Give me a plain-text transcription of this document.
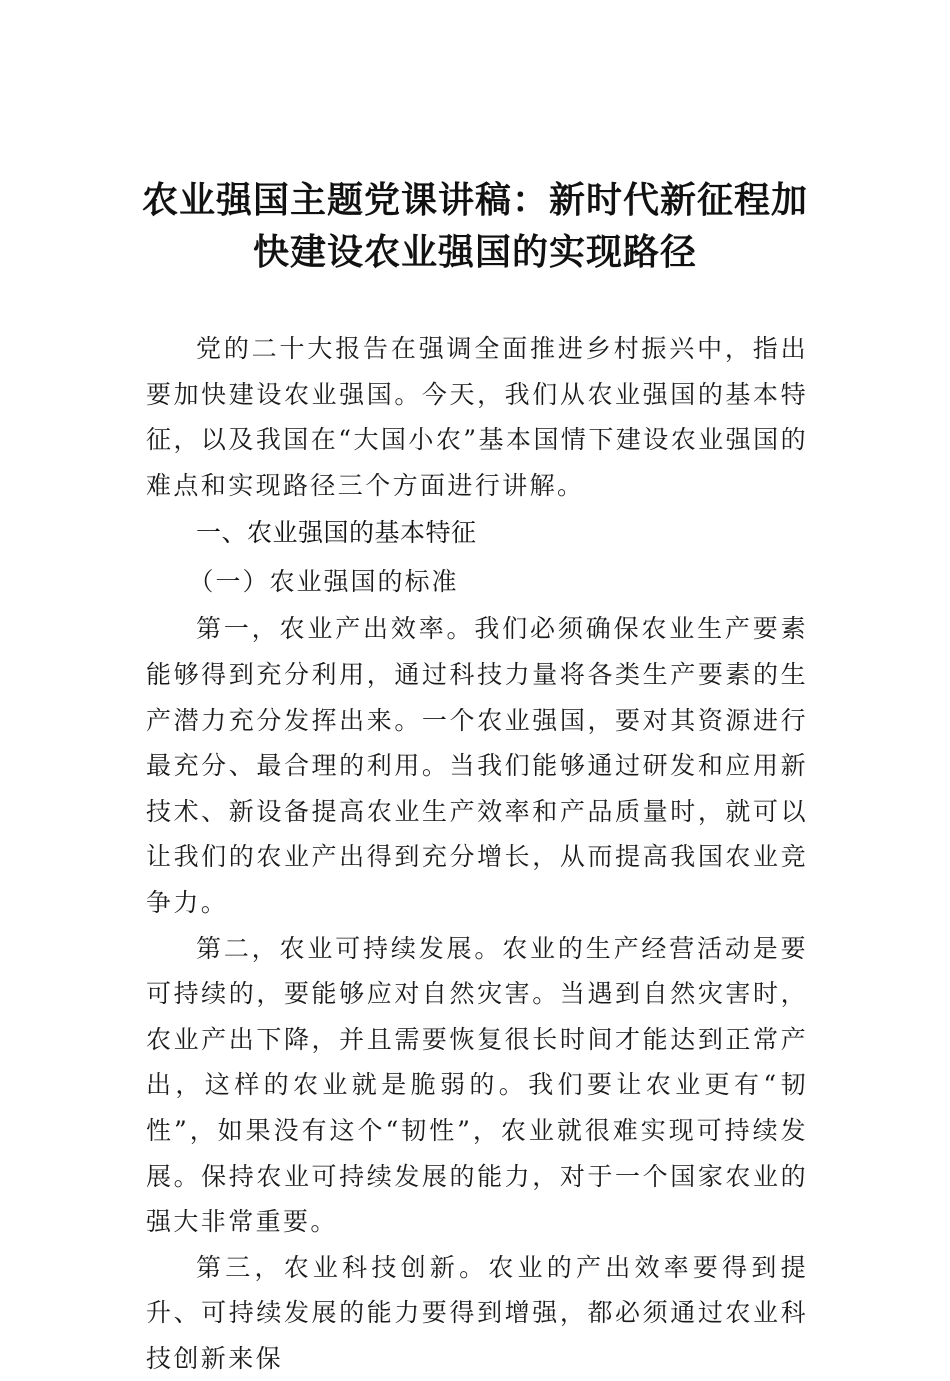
农业强国主题党课讲稿：新时代新征程加
快建设农业强国的实现路径

党的二十大报告在强调全面推进乡村振兴中，指出要加快建设农业强国。今天，我们从农业强国的基本特征，以及我国在“大国小农”基本国情下建设农业强国的难点和实现路径三个方面进行讲解。

一、农业强国的基本特征

（一）农业强国的标准

第一，农业产出效率。我们必须确保农业生产要素能够得到充分利用，通过科技力量将各类生产要素的生产潜力充分发挥出来。一个农业强国，要对其资源进行最充分、最合理的利用。当我们能够通过研发和应用新技术、新设备提高农业生产效率和产品质量时，就可以让我们的农业产出得到充分增长，从而提高我国农业竞争力。

第二，农业可持续发展。农业的生产经营活动是要可持续的，要能够应对自然灾害。当遇到自然灾害时，农业产出下降，并且需要恢复很长时间才能达到正常产出，这样的农业就是脆弱的。我们要让农业更有“韧性”，如果没有这个“韧性”，农业就很难实现可持续发展。保持农业可持续发展的能力，对于一个国家农业的强大非常重要。

第三，农业科技创新。农业的产出效率要得到提升、可持续发展的能力要得到增强，都必须通过农业科技创新来保
